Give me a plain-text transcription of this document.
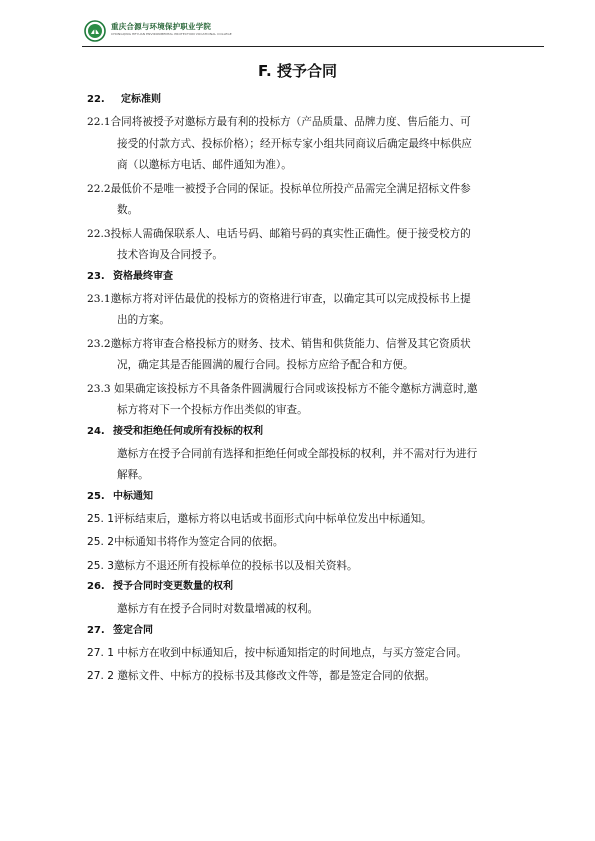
重庆合源与环境保护职业学院
CHONGQING HEYUAN ENVIRONMENTAL PROTECTION VOCATIONAL COLLEGE
F. 授予合同
22. 定标准则
22.1合同将被授予对邀标方最有利的投标方（产品质量、品牌力度、售后能力、可
接受的付款方式、投标价格）；经开标专家小组共同商议后确定最终中标供应
商（以邀标方电话、邮件通知为准）。
22.2最低价不是唯一被授予合同的保证。投标单位所投产品需完全满足招标文件参
数。
22.3投标人需确保联系人、电话号码、邮箱号码的真实性正确性。便于接受校方的
技术咨询及合同授予。
23. 资格最终审查
23.1邀标方将对评估最优的投标方的资格进行审查，以确定其可以完成投标书上提
出的方案。
23.2邀标方将审查合格投标方的财务、技术、销售和供货能力、信誉及其它资质状
况，确定其是否能圆满的履行合同。投标方应给予配合和方便。
23.3 如果确定该投标方不具备条件圆满履行合同或该投标方不能令邀标方满意时,邀
标方将对下一个投标方作出类似的审查。
24. 接受和拒绝任何或所有投标的权利
邀标方在授予合同前有选择和拒绝任何或全部投标的权利，并不需对行为进行
解释。
25. 中标通知
25. 1评标结束后，邀标方将以电话或书面形式向中标单位发出中标通知。
25. 2中标通知书将作为签定合同的依据。
25. 3邀标方不退还所有投标单位的投标书以及相关资料。
26. 授予合同时变更数量的权利
邀标方有在授予合同时对数量增减的权利。
27. 签定合同
27. 1 中标方在收到中标通知后，按中标通知指定的时间地点，与买方签定合同。
27. 2 邀标文件、中标方的投标书及其修改文件等，都是签定合同的依据。
